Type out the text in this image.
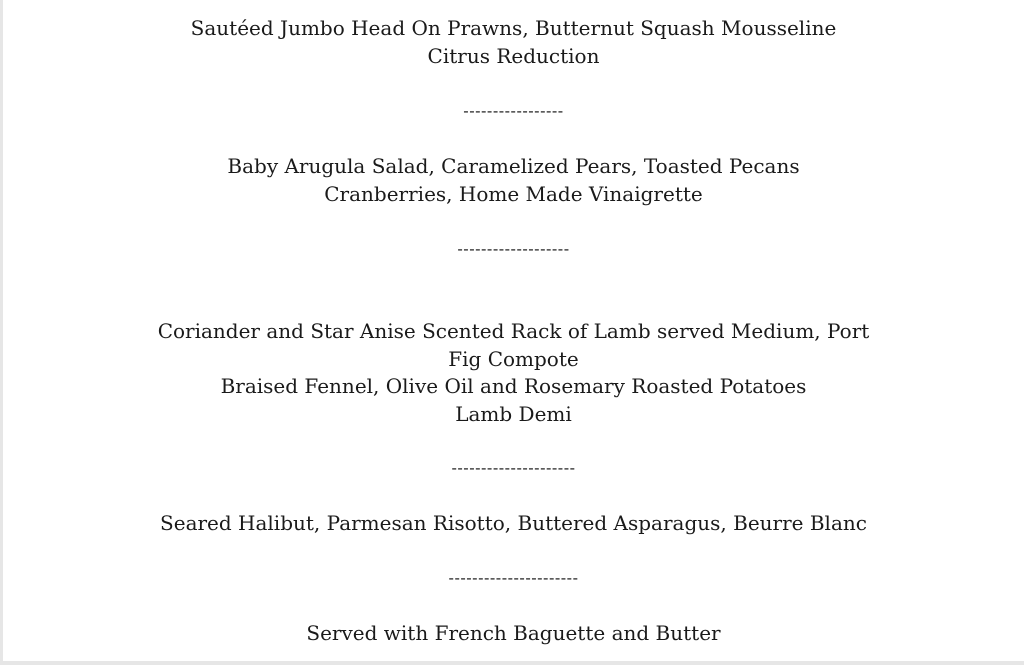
Sautéed Jumbo Head On Prawns, Butternut Squash Mousseline
Citrus Reduction
-----------------
Baby Arugula Salad, Caramelized Pears, Toasted Pecans
Cranberries, Home Made Vinaigrette
-------------------
Coriander and Star Anise Scented Rack of Lamb served Medium, Port
Fig Compote
Braised Fennel, Olive Oil and Rosemary Roasted Potatoes
Lamb Demi
---------------------
Seared Halibut, Parmesan Risotto, Buttered Asparagus, Beurre Blanc
----------------------
Served with French Baguette and Butter
